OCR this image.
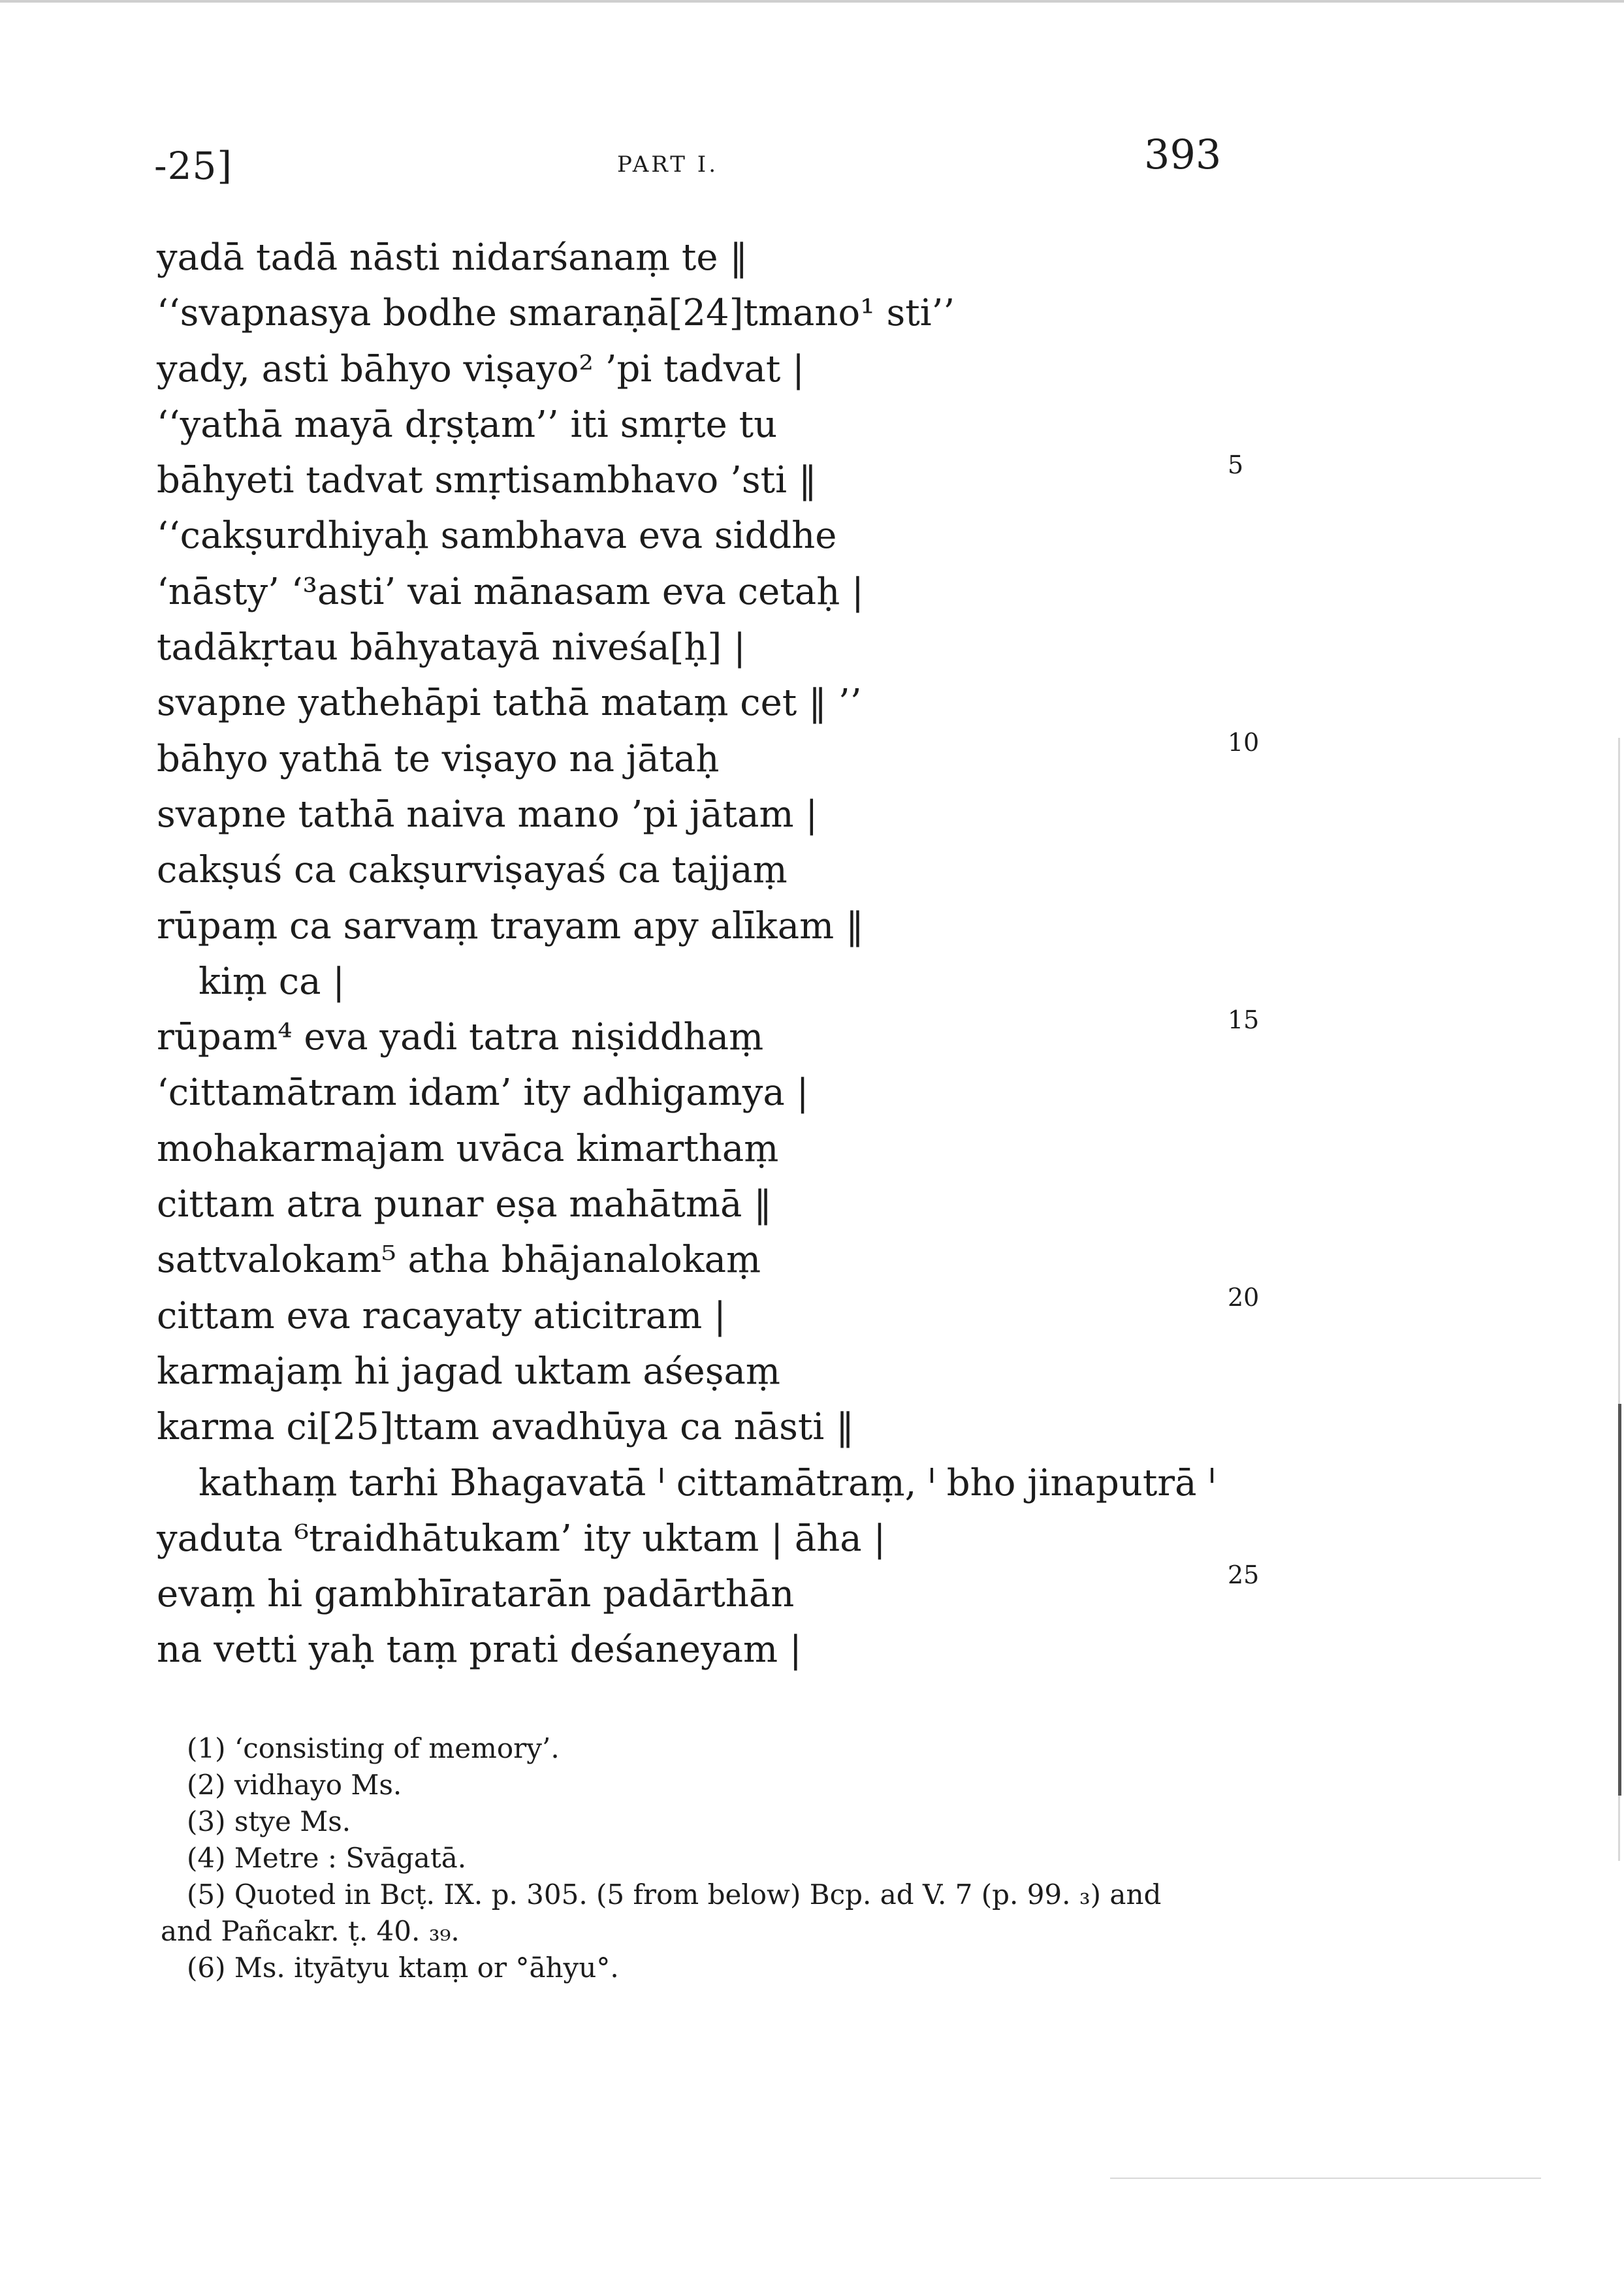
-25]	PART I.	393
yadā tadā nāsti nidarśanaṃ te ‖
‘‘svapnasya bodhe smaraṇā[24]tmano¹ sti’’
yady, asti bāhyo viṣayo² ’pi tadvat |
‘‘yathā mayā dṛṣṭam’’ iti smṛte tu
bāhyeti tadvat smṛtisambhavo ’sti ‖
‘‘cakṣurdhiyaḥ sambhava eva siddhe
‘nāsty’ ‘³asti’ vai mānasam eva cetaḥ |
tadākṛtau bāhyatayā niveśa[ḥ] |
svapne yathehāpi tathā mataṃ cet ‖ ’’
bāhyo yathā te viṣayo na jātaḥ
svapne tathā naiva mano ’pi jātam |
cakṣuś ca cakṣurviṣayaś ca tajjaṃ
rūpaṃ ca sarvaṃ trayam apy alīkam ‖
kiṃ ca |
rūpam⁴ eva yadi tatra niṣiddhaṃ
‘cittamātram idam’ ity adhigamya |
mohakarmajam uvāca kimarthaṃ
cittam atra punar eṣa mahātmā ‖
sattvalokam⁵ atha bhājanalokaṃ
cittam eva racayaty aticitram |
karmajaṃ hi jagad uktam aśeṣaṃ
karma ci[25]ttam avadhūya ca nāsti ‖
kathaṃ tarhi Bhagavatā ᑊ cittamātraṃ, ᑊ bho jinaputrā ᑊ
yaduta ⁶traidhātukam’ ity uktam | āha |
evaṃ hi gambhīratarān padārthān
na vetti yaḥ taṃ prati deśaneyam |
5
10
15
20
25
(1) ‘consisting of memory’.
(2) vidhayo Ms.
(3) stye Ms.
(4) Metre : Svāgatā.
(5) Quoted in Bcṭ. IX. p. 305. (5 from below) Bcp. ad V. 7 (p. 99. ₃) and
and Pañcakr. ṭ. 40. ₃₉.
(6) Ms. ityātyu ktaṃ or °āhyu°.
